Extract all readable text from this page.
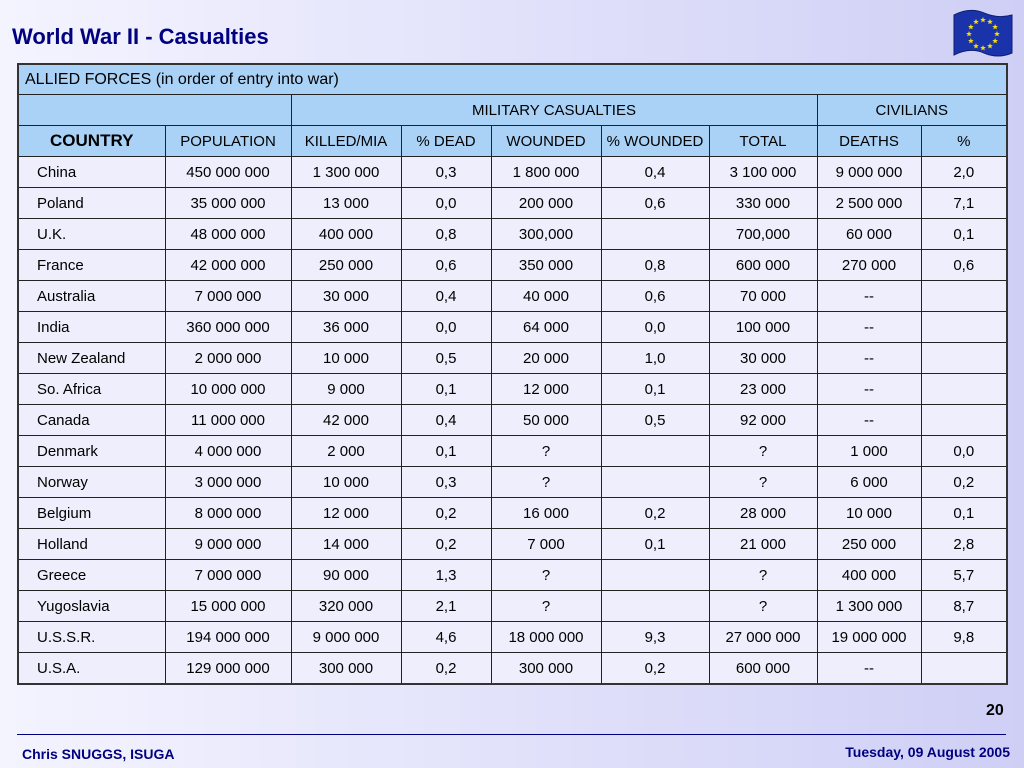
World War II - Casualties
ALLIED FORCES (in order of entry into war)								
		MILITARY CASUALTIES					CIVILIANS	
COUNTRY	POPULATION	KILLED/MIA	% DEAD	WOUNDED	% WOUNDED	TOTAL	DEATHS	%
China	450 000 000	1 300 000	0,3	1 800 000	0,4	3 100 000	9 000 000	2,0
Poland	35 000 000	13 000	0,0	200 000	0,6	330 000	2 500 000	7,1
U.K.	48 000 000	400 000	0,8	300,000		700,000	60 000	0,1
France	42 000 000	250 000	0,6	350 000	0,8	600 000	270 000	0,6
Australia	7 000 000	30 000	0,4	40 000	0,6	70 000	--	
India	360 000 000	36 000	0,0	64 000	0,0	100 000	--	
New Zealand	2 000 000	10 000	0,5	20 000	1,0	30 000	--	
So. Africa	10 000 000	9 000	0,1	12 000	0,1	23 000	--	
Canada	11 000 000	42 000	0,4	50 000	0,5	92 000	--	
Denmark	4 000 000	2 000	0,1	?		?	1 000	0,0
Norway	3 000 000	10 000	0,3	?		?	6 000	0,2
Belgium	8 000 000	12 000	0,2	16 000	0,2	28 000	10 000	0,1
Holland	9 000 000	14 000	0,2	7 000	0,1	21 000	250 000	2,8
Greece	7 000 000	90 000	1,3	?		?	400 000	5,7
Yugoslavia	15 000 000	320 000	2,1	?		?	1 300 000	8,7
U.S.S.R.	194 000 000	9 000 000	4,6	18 000 000	9,3	27 000 000	19 000 000	9,8
U.S.A.	129 000 000	300 000	0,2	300 000	0,2	600 000	--	
20
Chris SNUGGS, ISUGA	Tuesday, 09 August 2005
